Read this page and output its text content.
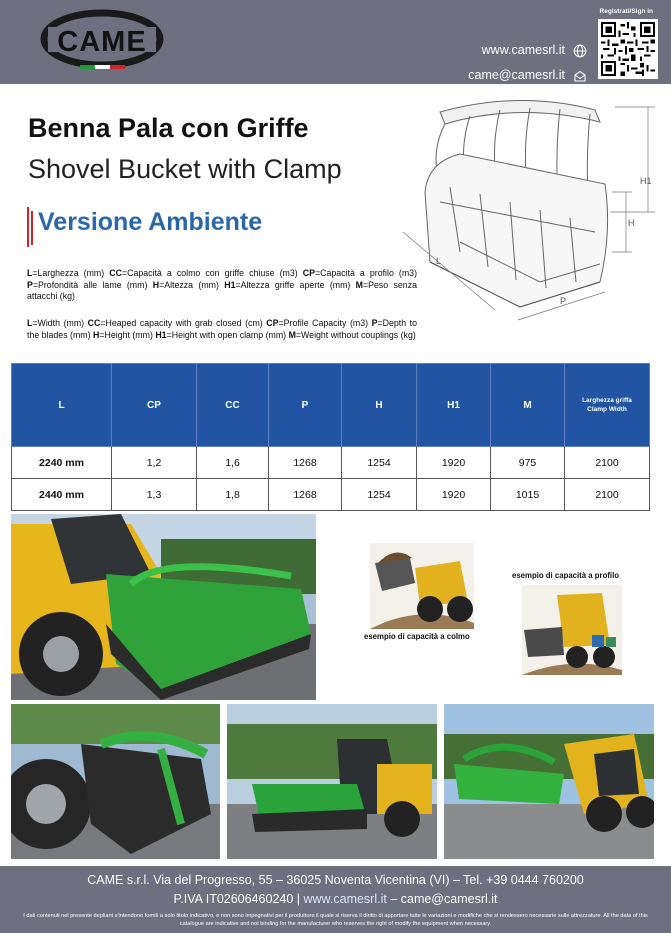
CAME	www.camesrl.it
came@camesrl.it
Registrati/Sign in
Benna Pala con Griffe
Shovel Bucket with Clamp
Versione Ambiente
L=Larghezza (mm) CC=Capacità a colmo con griffe chiuse (m3) CP=Capacità a profilo (m3) P=Profondità alle lame (mm) H=Altezza (mm) H1=Altezza griffe aperte (mm) M=Peso senza attacchi (kg)
L=Width (mm) CC=Heaped capacity with grab closed (cm) CP=Profile Capacity (m3) P=Depth to the blades (mm) H=Height (mm) H1=Height with open clamp (mm) M=Weight without couplings (kg)
H1
H
P
L
L	CP	CC	P	H	H1	M	Larghezza griffa
Clamp Width
2240 mm	1,2	1,6	1268	1254	1920	975	2100
2440 mm	1,3	1,8	1268	1254	1920	1015	2100
esempio di capacità a colmo
esempio di capacità a profilo
CAME s.r.l. Via del Progresso, 55 – 36025 Noventa Vicentina (VI) – Tel. +39 0444 760200
P.IVA IT02606460240 | www.camesrl.it – came@camesrl.it
I dati contenuti nel presente depliant s'intendono forniti a solo titolo indicativo, e non sono impegnativi per il produttore il quale si riserva il diritto di apportare tutte le variazioni e modifiche che si rendessero necessarie sulle attrezzature. All the data of this catalogue are indicative and not binding for the manufacturer who reserves the right of modify the equipment when necessary.
